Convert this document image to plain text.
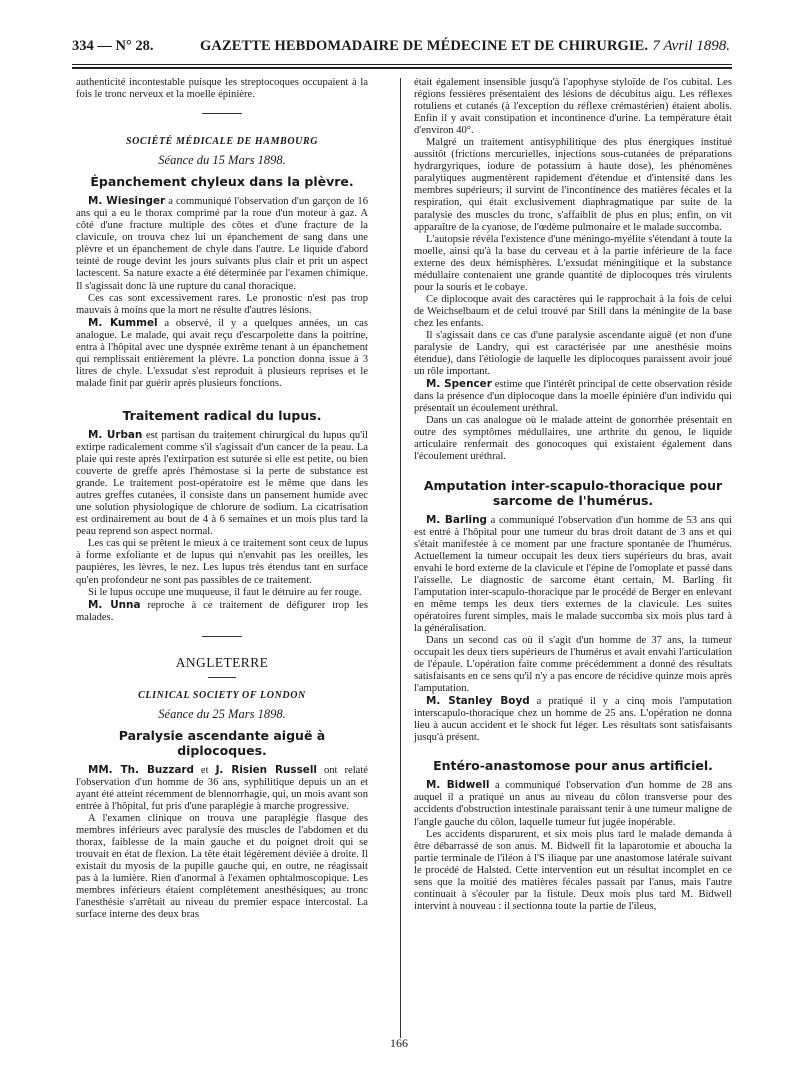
334 — N° 28.	GAZETTE HEBDOMADAIRE DE MÉDECINE ET DE CHIRURGIE. 7 Avril 1898.

authenticité incontestable puisque les streptocoques occupaient à la fois le tronc nerveux et la moelle épinière.

SOCIÉTÉ MÉDICALE DE HAMBOURG
Séance du 15 Mars 1898.
Épanchement chyleux dans la plèvre.

M. Wiesinger a communiqué l'observation d'un garçon de 16 ans qui a eu le thorax comprimé par la roue d'un moteur à gaz. A côté d'une fracture multiple des côtes et d'une fracture de la clavicule, on trouva chez lui un épanchement de sang dans une plèvre et un épanchement de chyle dans l'autre. Le liquide d'abord teinté de rouge devint les jours suivants plus clair et prit un aspect lactescent. Sa nature exacte a été déterminée par l'examen chimique. Il s'agissait donc là une rupture du canal thoracique.

Ces cas sont excessivement rares. Le pronostic n'est pas trop mauvais à moins que la mort ne résulte d'autres lésions.

M. Kummel a observé, il y a quelques années, un cas analogue. Le malade, qui avait reçu d'escarpolette dans la poitrine, entra à l'hôpital avec une dyspnée extrême tenant à un épanchement qui remplissait entièrement la plèvre. La ponction donna issue à 3 litres de chyle. L'exsudat s'est reproduit à plusieurs reprises et le malade finit par guérir après plusieurs fonctions.

Traitement radical du lupus.

M. Urban est partisan du traitement chirurgical du lupus qu'il extirpe radicalement comme s'il s'agissait d'un cancer de la peau. La plaie qui reste après l'extirpation est suturée si elle est petite, ou bien couverte de greffe après l'hémostase si la perte de substance est grande. Le traitement post-opératoire est le même que dans les autres greffes cutanées, il consiste dans un pansement humide avec une solution physiologique de chlorure de sodium. La cicatrisation est ordinairement au bout de 4 à 6 semaines et un mois plus tard la peau reprend son aspect normal.

Les cas qui se prêtent le mieux à ce traitement sont ceux de lupus à forme exfoliante et de lupus qui n'envahit pas les oreilles, les paupières, les lèvres, le nez. Les lupus très étendus tant en surface qu'en profondeur ne sont pas passibles de ce traitement.

Si le lupus occupe une muqueuse, il faut le détruire au fer rouge.

M. Unna reproche à ce traitement de défigurer trop les malades.

ANGLETERRE
CLINICAL SOCIETY OF LONDON
Séance du 25 Mars 1898.
Paralysie ascendante aiguë à diplocoques.

MM. Th. Buzzard et J. Risien Russell ont relaté l'observation d'un homme de 36 ans, syphilitique depuis un an et ayant été atteint récemment de blennorrhagie, qui, un mois avant son entrée à l'hôpital, fut pris d'une paraplégie à marche progressive.

A l'examen clinique on trouva une paraplégie flasque des membres inférieurs avec paralysie des muscles de l'abdomen et du thorax, faiblesse de la main gauche et du poignet droit qui se trouvait en état de flexion. La tête était légèrement déviée à droite. Il existait du myosis de la pupille gauche qui, en outre, ne réagissait pas à la lumière. Rien d'anormal à l'examen ophtalmoscopique. Les membres inférieurs étaient complètement anesthésiques; au tronc l'anesthésie s'arrêtait au niveau du premier espace intercostal. La surface interne des deux bras

était également insensible jusqu'à l'apophyse styloïde de l'os cubital. Les régions fessières présentaient des lésions de décubitus aigu. Les réflexes rotuliens et cutanés (à l'exception du réflexe crémastérien) étaient abolis. Enfin il y avait constipation et incontinence d'urine. La température était d'environ 40°.

Malgré un traitement antisyphilitique des plus énergiques institué aussitôt (frictions mercurielles, injections sous-cutanées de préparations hydrargyriques, iodure de potassium à haute dose), les phénomènes paralytiques augmentèrent rapidement d'étendue et d'intensité dans les membres supérieurs; il survint de l'incontinence des matières fécales et la respiration, qui était exclusivement diaphragmatique par suite de la paralysie des muscles du tronc, s'affaiblit de plus en plus; enfin, on vit apparaître de la cyanose, de l'œdème pulmonaire et le malade succomba.

L'autopsie révéla l'existence d'une méningo-myélite s'étendant à toute la moelle, ainsi qu'à la base du cerveau et à la partie inférieure de la face externe des deux hémisphères. L'exsudat méningitique et la substance médullaire contenaient une grande quantité de diplocoques très virulents pour la souris et le cobaye.

Ce diplocoque avait des caractères qui le rapprochait à la fois de celui de Weichselbaum et de celui trouvé par Still dans la méningite de la base chez les enfants.

Il s'agissait dans ce cas d'une paralysie ascendante aiguë (et non d'une paralysie de Landry, qui est caractérisée par une anesthésie moins étendue), dans l'étiologie de laquelle les diplocoques paraissent avoir joué un rôle important.

M. Spencer estime que l'intérêt principal de cette observation réside dans la présence d'un diplocoque dans la moelle épinière d'un individu qui présentait un écoulement uréthral.

Dans un cas analogue où le malade atteint de gonorrhée présentait en outre des symptômes médullaires, une arthrite du genou, le liquide articulaire renfermait des gonocoques qui existaient également dans l'écoulement uréthral.

Amputation inter-scapulo-thoracique pour sarcome de l'humérus.

M. Barling a communiqué l'observation d'un homme de 53 ans qui est entré à l'hôpital pour une tumeur du bras droit datant de 3 ans et qui s'était manifestée à ce moment par une fracture spontanée de l'humérus. Actuellement la tumeur occupait les deux tiers supérieurs du bras, avait envahi le bord externe de la clavicule et l'épine de l'omoplate et passé dans l'aisselle. Le diagnostic de sarcome étant certain, M. Barling fit l'amputation inter-scapulo-thoracique par le procédé de Berger en enlevant en même temps les deux tiers externes de la clavicule. Les suites opératoires furent simples, mais le malade succomba six mois plus tard à la généralisation.

Dans un second cas où il s'agit d'un homme de 37 ans, la tumeur occupait les deux tiers supérieurs de l'humérus et avait envahi l'articulation de l'épaule. L'opération faite comme précédemment a donné des résultats satisfaisants en ce sens qu'il n'y a pas encore de récidive quinze mois après l'amputation.

M. Stanley Boyd a pratiqué il y a cinq mois l'amputation interscapulo-thoracique chez un homme de 25 ans. L'opération ne donna lieu à aucun accident et le shock fut léger. Les résultats sont satisfaisants jusqu'à présent.

Entéro-anastomose pour anus artificiel.

M. Bidwell a communiqué l'observation d'un homme de 28 ans auquel il a pratiqué un anus au niveau du côlon transverse pour des accidents d'obstruction intestinale paraissant tenir à une tumeur maligne de l'angle gauche du côlon, laquelle tumeur fut jugée inopérable.

Les accidents disparurent, et six mois plus tard le malade demanda à être débarrassé de son anus. M. Bidwell fit la laparotomie et aboucha la partie terminale de l'iléon à l'S iliaque par une anastomose latérale suivant le procédé de Halsted. Cette intervention eut un résultat incomplet en ce sens que la moitié des matières fécales passait par l'anus, mais l'autre continuait à s'écouler par la fistule. Deux mois plus tard M. Bidwell intervint à nouveau : il sectionna toute la partie de l'ileus,

166
